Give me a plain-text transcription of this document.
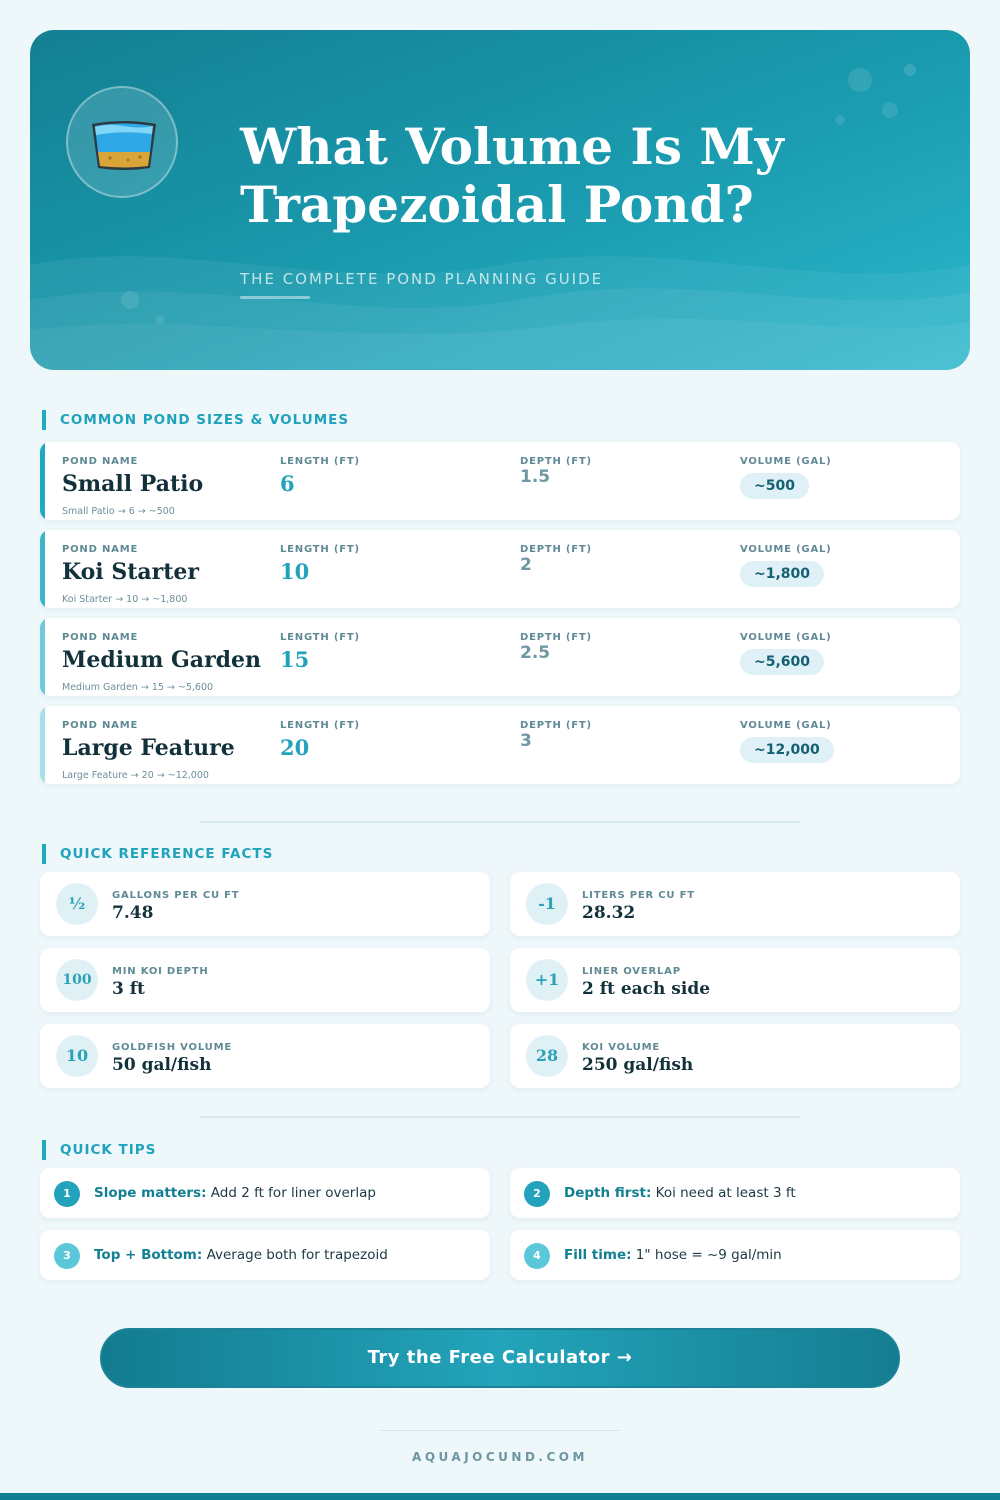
What Volume Is My Trapezoidal Pond?
THE COMPLETE POND PLANNING GUIDE
COMMON POND SIZES & VOLUMES
POND NAME
Small Patio
LENGTH (FT)
6
DEPTH (FT)
1.5
VOLUME (GAL)
~500
Small Patio → 6 → ~500
POND NAME
Koi Starter
LENGTH (FT)
10
DEPTH (FT)
2
VOLUME (GAL)
~1,800
Koi Starter → 10 → ~1,800
POND NAME
Medium Garden
LENGTH (FT)
15
DEPTH (FT)
2.5
VOLUME (GAL)
~5,600
Medium Garden → 15 → ~5,600
POND NAME
Large Feature
LENGTH (FT)
20
DEPTH (FT)
3
VOLUME (GAL)
~12,000
Large Feature → 20 → ~12,000
QUICK REFERENCE FACTS
½	GALLONS PER CU FT
7.48	-1	LITERS PER CU FT
28.32
100
MIN KOI DEPTH
3 ft	+1	LINER OVERLAP
2 ft each side
10	GOLDFISH VOLUME
50 gal/fish	28	KOI VOLUME
250 gal/fish
QUICK TIPS
1	Slope matters: Add 2 ft for liner overlap	2	Depth first: Koi need at least 3 ft
3	Top + Bottom: Average both for trapezoid	4	Fill time: 1" hose = ~9 gal/min
Try the Free Calculator →
AQUAJOCUND.COM
